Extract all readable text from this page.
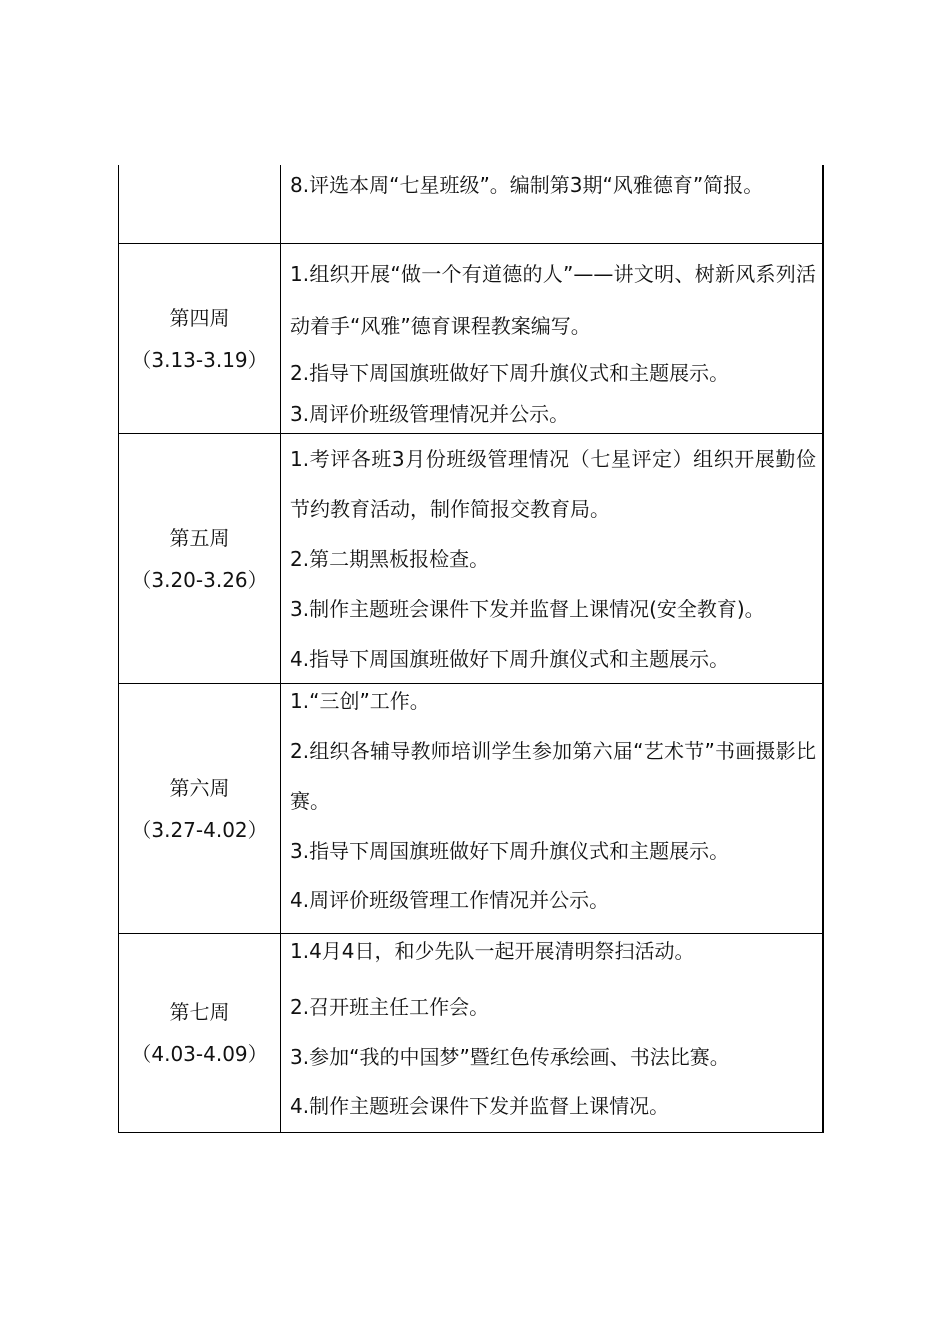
8.评选本周“七星班级”。编制第3期“风雅德育”简报。
第四周
（3.13-3.19）
1.组织开展“做一个有道德的人”——讲文明、树新风系列活动着手“风雅”德育课程教案编写。
2.指导下周国旗班做好下周升旗仪式和主题展示。
3.周评价班级管理情况并公示。
第五周
（3.20-3.26）
1.考评各班3月份班级管理情况（七星评定）组织开展勤俭节约教育活动，制作简报交教育局。
2.第二期黑板报检查。
3.制作主题班会课件下发并监督上课情况(安全教育)。
4.指导下周国旗班做好下周升旗仪式和主题展示。
第六周
（3.27-4.02）
1.“三创”工作。
2.组织各辅导教师培训学生参加第六届“艺术节”书画摄影比赛。
3.指导下周国旗班做好下周升旗仪式和主题展示。
4.周评价班级管理工作情况并公示。
第七周
（4.03-4.09）
1.4月4日，和少先队一起开展清明祭扫活动。
2.召开班主任工作会。
3.参加“我的中国梦”暨红色传承绘画、书法比赛。
4.制作主题班会课件下发并监督上课情况。
